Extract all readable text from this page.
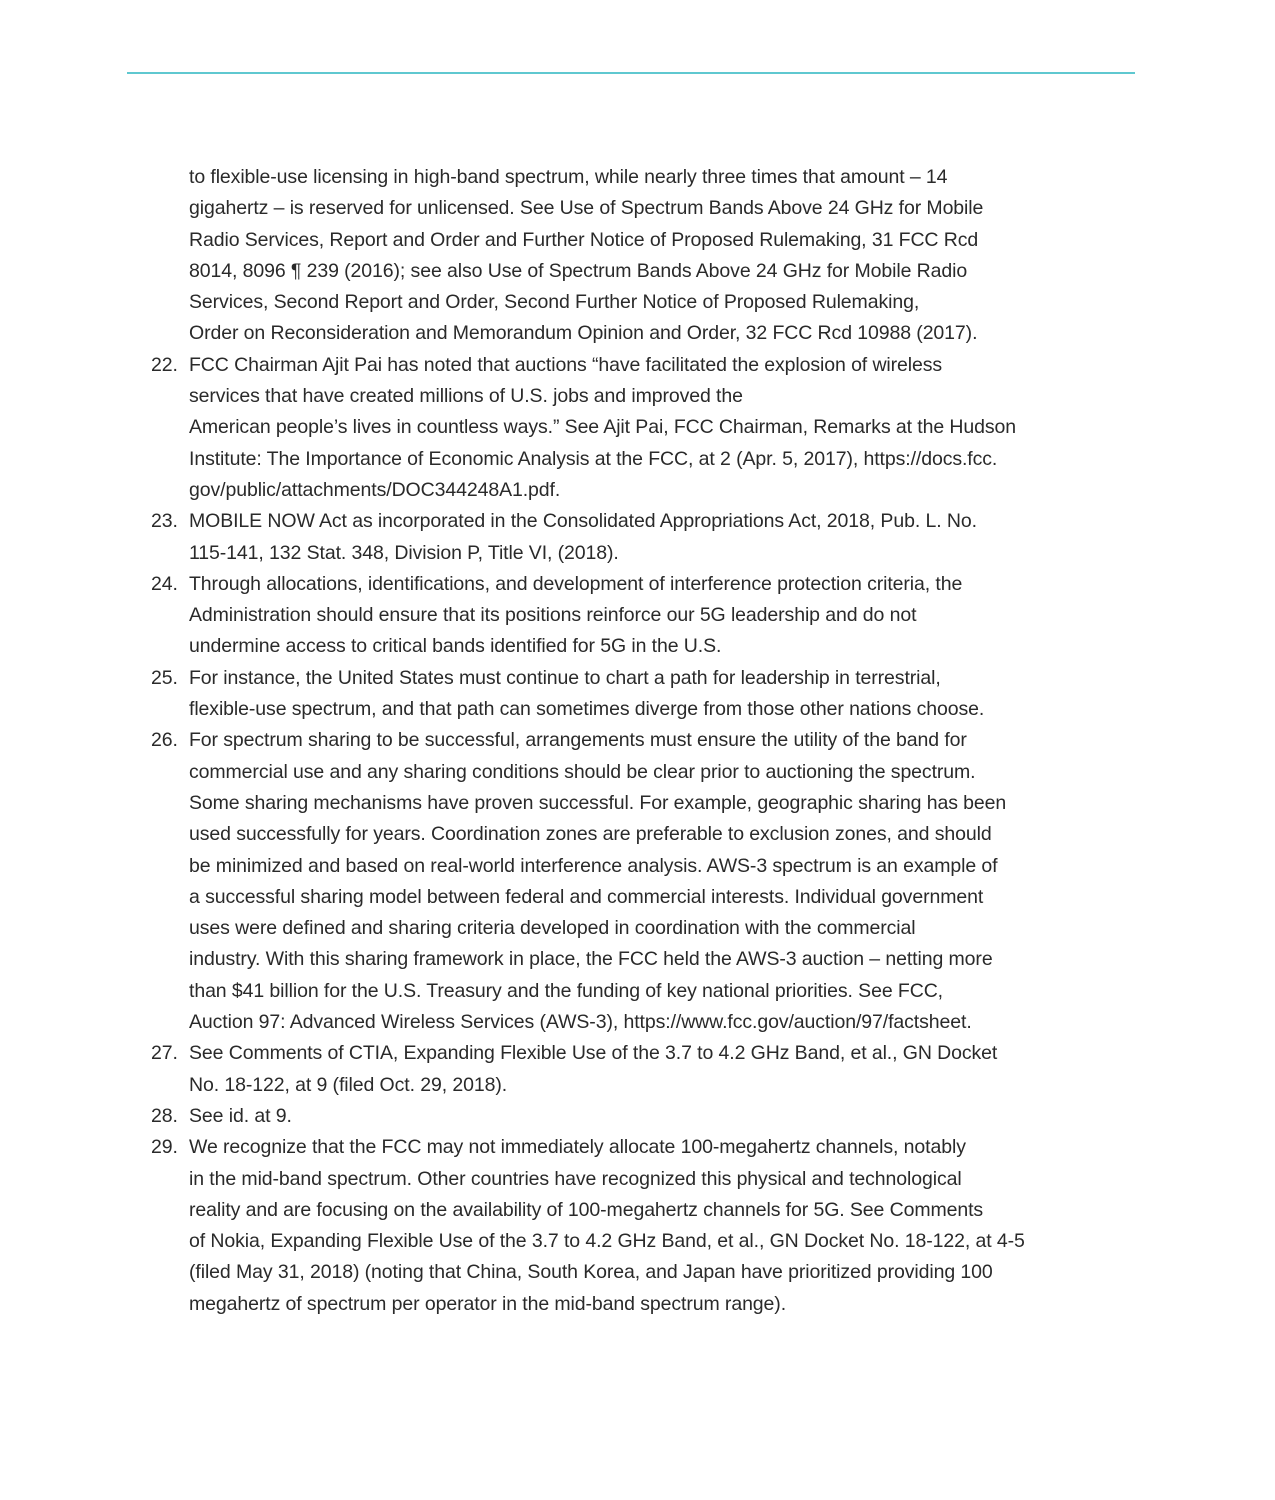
to flexible-use licensing in high-band spectrum, while nearly three times that amount – 14
gigahertz – is reserved for unlicensed. See Use of Spectrum Bands Above 24 GHz for Mobile
Radio Services, Report and Order and Further Notice of Proposed Rulemaking, 31 FCC Rcd
8014, 8096 ¶ 239 (2016); see also Use of Spectrum Bands Above 24 GHz for Mobile Radio
Services, Second Report and Order, Second Further Notice of Proposed Rulemaking,
Order on Reconsideration and Memorandum Opinion and Order, 32 FCC Rcd 10988 (2017).
22. FCC Chairman Ajit Pai has noted that auctions “have facilitated the explosion of wireless
services that have created millions of U.S. jobs and improved the
American people’s lives in countless ways.” See Ajit Pai, FCC Chairman, Remarks at the Hudson
Institute: The Importance of Economic Analysis at the FCC, at 2 (Apr. 5, 2017), https://docs.fcc.
gov/public/attachments/DOC344248A1.pdf.
23. MOBILE NOW Act as incorporated in the Consolidated Appropriations Act, 2018, Pub. L. No.
115-141, 132 Stat. 348, Division P, Title VI, (2018).
24. Through allocations, identifications, and development of interference protection criteria, the
Administration should ensure that its positions reinforce our 5G leadership and do not
undermine access to critical bands identified for 5G in the U.S.
25. For instance, the United States must continue to chart a path for leadership in terrestrial,
flexible-use spectrum, and that path can sometimes diverge from those other nations choose.
26. For spectrum sharing to be successful, arrangements must ensure the utility of the band for
commercial use and any sharing conditions should be clear prior to auctioning the spectrum.
Some sharing mechanisms have proven successful. For example, geographic sharing has been
used successfully for years. Coordination zones are preferable to exclusion zones, and should
be minimized and based on real-world interference analysis. AWS-3 spectrum is an example of
a successful sharing model between federal and commercial interests. Individual government
uses were defined and sharing criteria developed in coordination with the commercial
industry. With this sharing framework in place, the FCC held the AWS-3 auction – netting more
than $41 billion for the U.S. Treasury and the funding of key national priorities. See FCC,
Auction 97: Advanced Wireless Services (AWS-3), https://www.fcc.gov/auction/97/factsheet.
27. See Comments of CTIA, Expanding Flexible Use of the 3.7 to 4.2 GHz Band, et al., GN Docket
No. 18-122, at 9 (filed Oct. 29, 2018).
28. See id. at 9.
29. We recognize that the FCC may not immediately allocate 100-megahertz channels, notably
in the mid-band spectrum. Other countries have recognized this physical and technological
reality and are focusing on the availability of 100-megahertz channels for 5G. See Comments
of Nokia, Expanding Flexible Use of the 3.7 to 4.2 GHz Band, et al., GN Docket No. 18-122, at 4-5
(filed May 31, 2018) (noting that China, South Korea, and Japan have prioritized providing 100
megahertz of spectrum per operator in the mid-band spectrum range).
